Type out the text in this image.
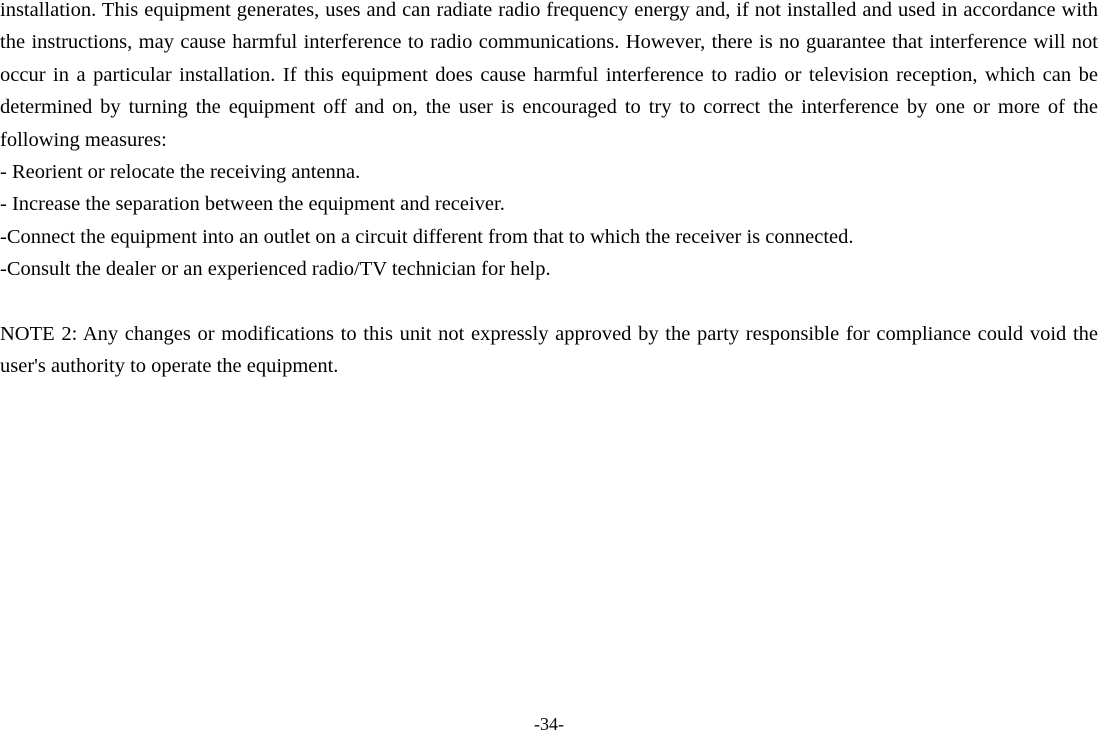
installation. This equipment generates, uses and can radiate radio frequency energy and, if not installed and used in accordance with the instructions, may cause harmful interference to radio communications. However, there is no guarantee that interference will not occur in a particular installation. If this equipment does cause harmful interference to radio or television reception, which can be determined by turning the equipment off and on, the user is encouraged to try to correct the interference by one or more of the following measures:

- Reorient or relocate the receiving antenna.

- Increase the separation between the equipment and receiver.

-Connect the equipment into an outlet on a circuit different from that to which the receiver is connected.

-Consult the dealer or an experienced radio/TV technician for help.

NOTE 2: Any changes or modifications to this unit not expressly approved by the party responsible for compliance could void the user's authority to operate the equipment.

-34-
